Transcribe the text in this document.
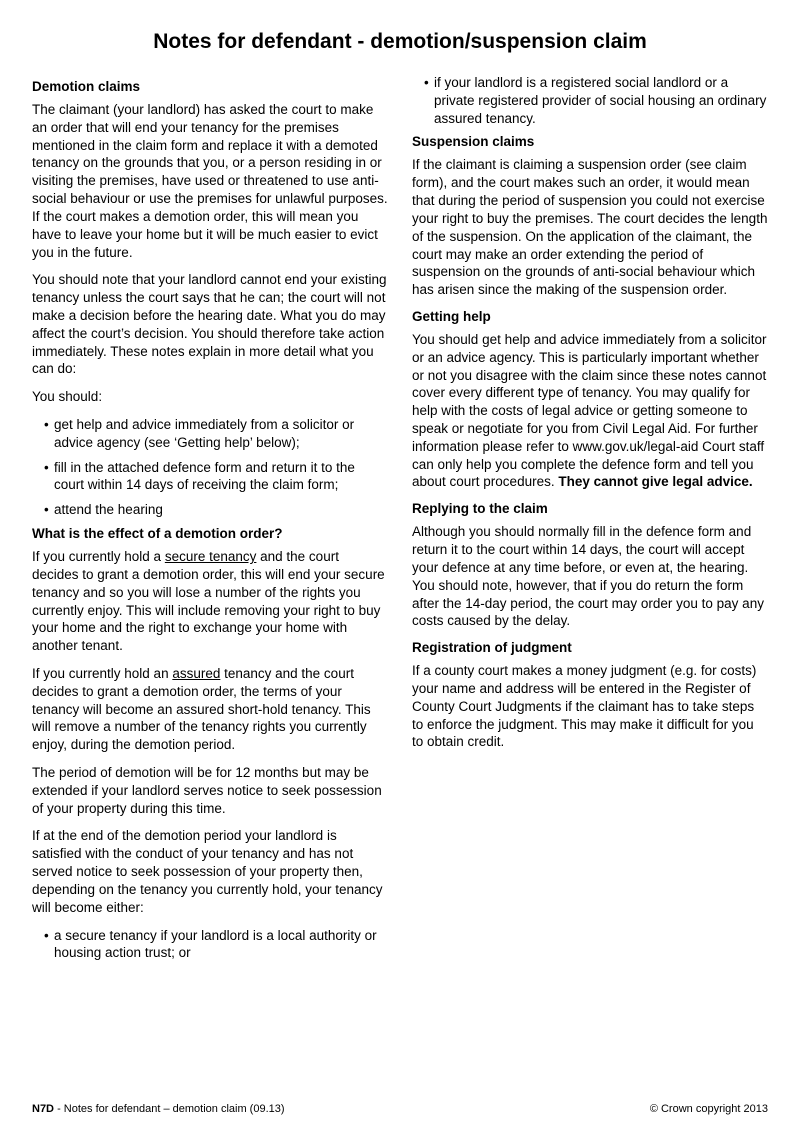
Notes for defendant - demotion/suspension claim
Demotion claims

The claimant (your landlord) has asked the court to make an order that will end your tenancy for the premises mentioned in the claim form and replace it with a demoted tenancy on the grounds that you, or a person residing in or visiting the premises, have used or threatened to use anti-social behaviour or use the premises for unlawful purposes. If the court makes a demotion order, this will mean you have to leave your home but it will be much easier to evict you in the future.

You should note that your landlord cannot end your existing tenancy unless the court says that he can; the court will not make a decision before the hearing date. What you do may affect the court’s decision. You should therefore take action immediately. These notes explain in more detail what you can do:

You should:

• get help and advice immediately from a solicitor or advice agency (see ‘Getting help’ below);
• fill in the attached defence form and return it to the court within 14 days of receiving the claim form;
• attend the hearing
What is the effect of a demotion order?

If you currently hold a secure tenancy and the court decides to grant a demotion order, this will end your secure tenancy and so you will lose a number of the rights you currently enjoy. This will include removing your right to buy your home and the right to exchange your home with another tenant.

If you currently hold an assured tenancy and the court decides to grant a demotion order, the terms of your tenancy will become an assured short-hold tenancy. This will remove a number of the tenancy rights you currently enjoy, during the demotion period.

The period of demotion will be for 12 months but may be extended if your landlord serves notice to seek possession of your property during this time.

If at the end of the demotion period your landlord is satisfied with the conduct of your tenancy and has not served notice to seek possession of your property then, depending on the tenancy you currently hold, your tenancy will become either:

• a secure tenancy if your landlord is a local authority or housing action trust; or
• if your landlord is a registered social landlord or a private registered provider of social housing an ordinary assured tenancy.
Suspension claims

If the claimant is claiming a suspension order (see claim form), and the court makes such an order, it would mean that during the period of suspension you could not exercise your right to buy the premises. The court decides the length of the suspension. On the application of the claimant, the court may make an order extending the period of suspension on the grounds of anti-social behaviour which has arisen since the making of the suspension order.

Getting help

You should get help and advice immediately from a solicitor or an advice agency. This is particularly important whether or not you disagree with the claim since these notes cannot cover every different type of tenancy. You may qualify for help with the costs of legal advice or getting someone to speak or negotiate for you from Civil Legal Aid. For further information please refer to www.gov.uk/legal-aid Court staff can only help you complete the defence form and tell you about court procedures. They cannot give legal advice.

Replying to the claim

Although you should normally fill in the defence form and return it to the court within 14 days, the court will accept your defence at any time before, or even at, the hearing. You should note, however, that if you do return the form after the 14-day period, the court may order you to pay any costs caused by the delay.

Registration of judgment

If a county court makes a money judgment (e.g. for costs) your name and address will be entered in the Register of County Court Judgments if the claimant has to take steps to enforce the judgment. This may make it difficult for you to obtain credit.

N7D - Notes for defendant – demotion claim (09.13)	© Crown copyright 2013
